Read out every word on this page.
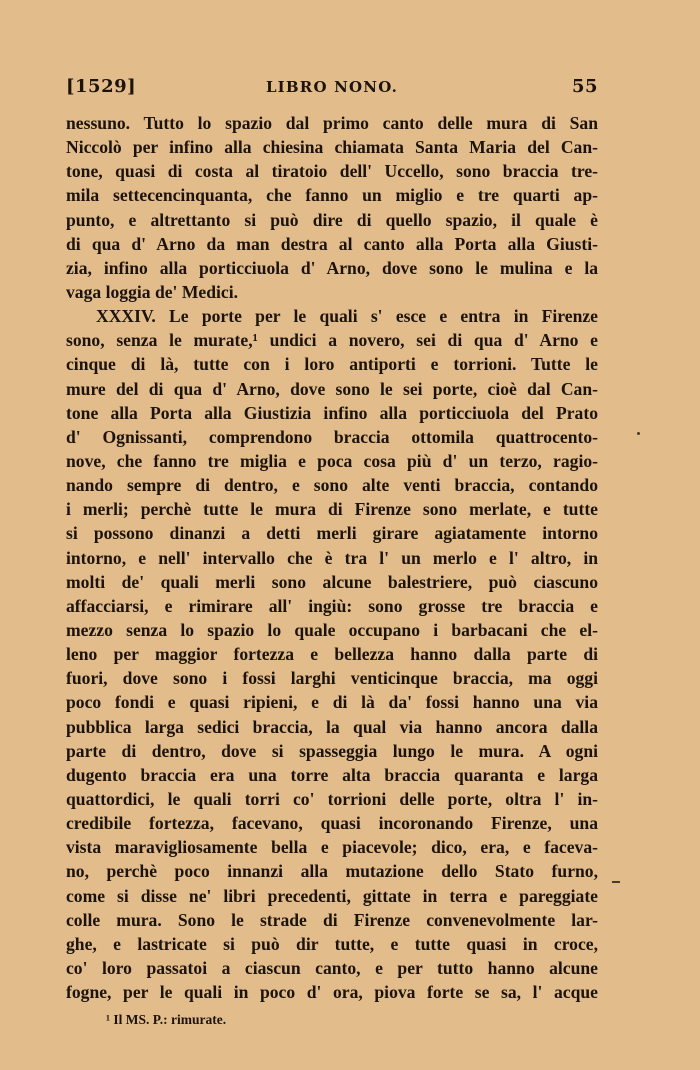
[1529]	LIBRO NONO.	55
nessuno. Tutto lo spazio dal primo canto delle mura di San
Niccolò per infino alla chiesina chiamata Santa Maria del Can-
tone, quasi di costa al tiratoio dell' Uccello, sono braccia tre-
mila settecencinquanta, che fanno un miglio e tre quarti ap-
punto, e altrettanto si può dire di quello spazio, il quale è
di qua d' Arno da man destra al canto alla Porta alla Giusti-
zia, infino alla porticciuola d' Arno, dove sono le mulina e la
vaga loggia de' Medici.
XXXIV. Le porte per le quali s' esce e entra in Firenze
sono, senza le murate,¹ undici a novero, sei di qua d' Arno e
cinque di là, tutte con i loro antiporti e torrioni. Tutte le
mure del di qua d' Arno, dove sono le sei porte, cioè dal Can-
tone alla Porta alla Giustizia infino alla porticciuola del Prato
d' Ognissanti, comprendono braccia ottomila quattrocento-
nove, che fanno tre miglia e poca cosa più d' un terzo, ragio-
nando sempre di dentro, e sono alte venti braccia, contando
i merli; perchè tutte le mura di Firenze sono merlate, e tutte
si possono dinanzi a detti merli girare agiatamente intorno
intorno, e nell' intervallo che è tra l' un merlo e l' altro, in
molti de' quali merli sono alcune balestriere, può ciascuno
affacciarsi, e rimirare all' ingiù: sono grosse tre braccia e
mezzo senza lo spazio lo quale occupano i barbacani che el-
leno per maggior fortezza e bellezza hanno dalla parte di
fuori, dove sono i fossi larghi venticinque braccia, ma oggi
poco fondi e quasi ripieni, e di là da' fossi hanno una via
pubblica larga sedici braccia, la qual via hanno ancora dalla
parte di dentro, dove si spasseggia lungo le mura. A ogni
dugento braccia era una torre alta braccia quaranta e larga
quattordici, le quali torri co' torrioni delle porte, oltra l' in-
credibile fortezza, facevano, quasi incoronando Firenze, una
vista maravigliosamente bella e piacevole; dico, era, e faceva-
no, perchè poco innanzi alla mutazione dello Stato furno,
come si disse ne' libri precedenti, gittate in terra e pareggiate
colle mura. Sono le strade di Firenze convenevolmente lar-
ghe, e lastricate si può dir tutte, e tutte quasi in croce,
co' loro passatoi a ciascun canto, e per tutto hanno alcune
fogne, per le quali in poco d' ora, piova forte se sa, l' acque
¹ Il MS. P.: rimurate.
